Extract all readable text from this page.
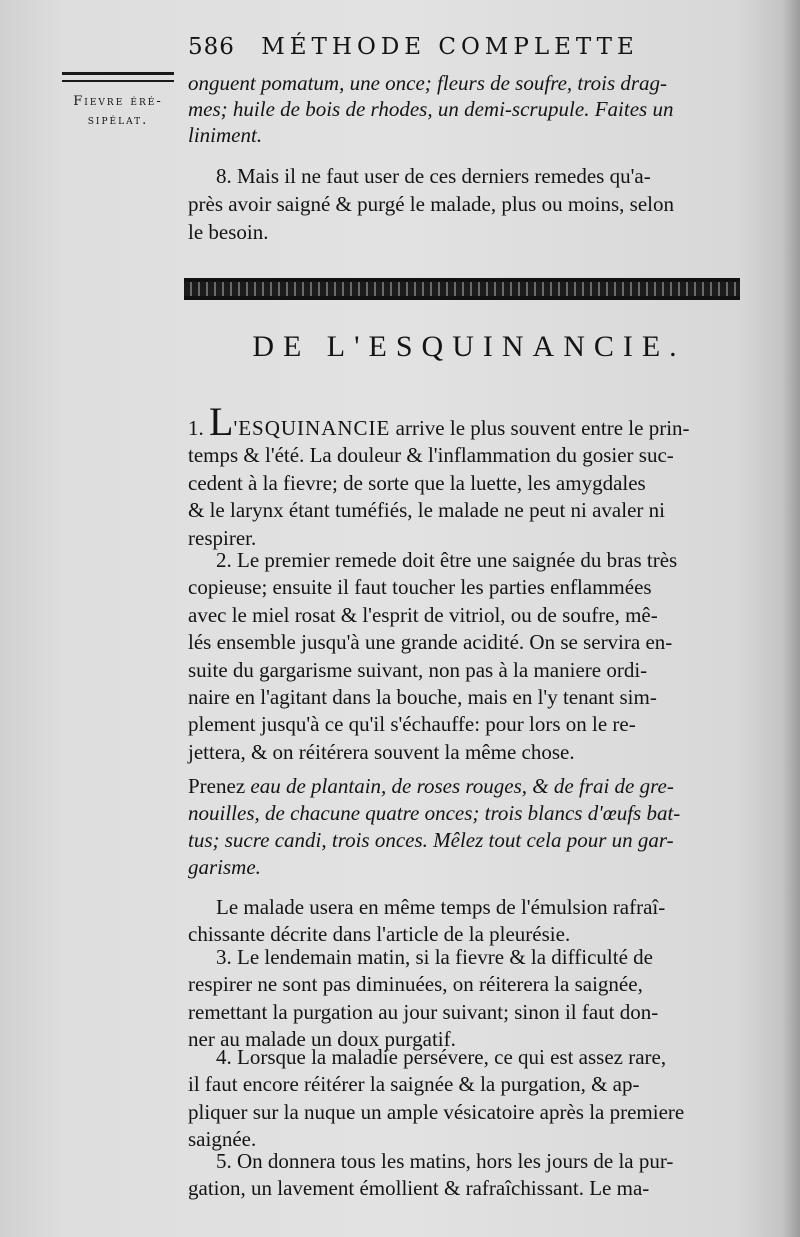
586 MÉTHODE COMPLETTE
Fievre éré-
sipélat.
onguent pomatum, une once; fleurs de soufre, trois drag-
mes; huile de bois de rhodes, un demi-scrupule. Faites un
liniment.
8. Mais il ne faut user de ces derniers remedes qu'a-
près avoir saigné & purgé le malade, plus ou moins, selon
le besoin.
DE L'ESQUINANCIE.
1. L'ESQUINANCIE arrive le plus souvent entre le prin-
temps & l'été. La douleur & l'inflammation du gosier suc-
cedent à la fievre; de sorte que la luette, les amygdales
& le larynx étant tuméfiés, le malade ne peut ni avaler ni
respirer.
2. Le premier remede doit être une saignée du bras très
copieuse; ensuite il faut toucher les parties enflammées
avec le miel rosat & l'esprit de vitriol, ou de soufre, mê-
lés ensemble jusqu'à une grande acidité. On se servira en-
suite du gargarisme suivant, non pas à la maniere ordi-
naire en l'agitant dans la bouche, mais en l'y tenant sim-
plement jusqu'à ce qu'il s'échauffe: pour lors on le re-
jettera, & on réitérera souvent la même chose.
Prenez eau de plantain, de roses rouges, & de frai de gre-
nouilles, de chacune quatre onces; trois blancs d'œufs bat-
tus; sucre candi, trois onces. Mêlez tout cela pour un gar-
garisme.
Le malade usera en même temps de l'émulsion rafraî-
chissante décrite dans l'article de la pleurésie.
3. Le lendemain matin, si la fievre & la difficulté de
respirer ne sont pas diminuées, on réiterera la saignée,
remettant la purgation au jour suivant; sinon il faut don-
ner au malade un doux purgatif.
4. Lorsque la maladie persévere, ce qui est assez rare,
il faut encore réitérer la saignée & la purgation, & ap-
pliquer sur la nuque un ample vésicatoire après la premiere
saignée.
5. On donnera tous les matins, hors les jours de la pur-
gation, un lavement émollient & rafraîchissant. Le ma-
